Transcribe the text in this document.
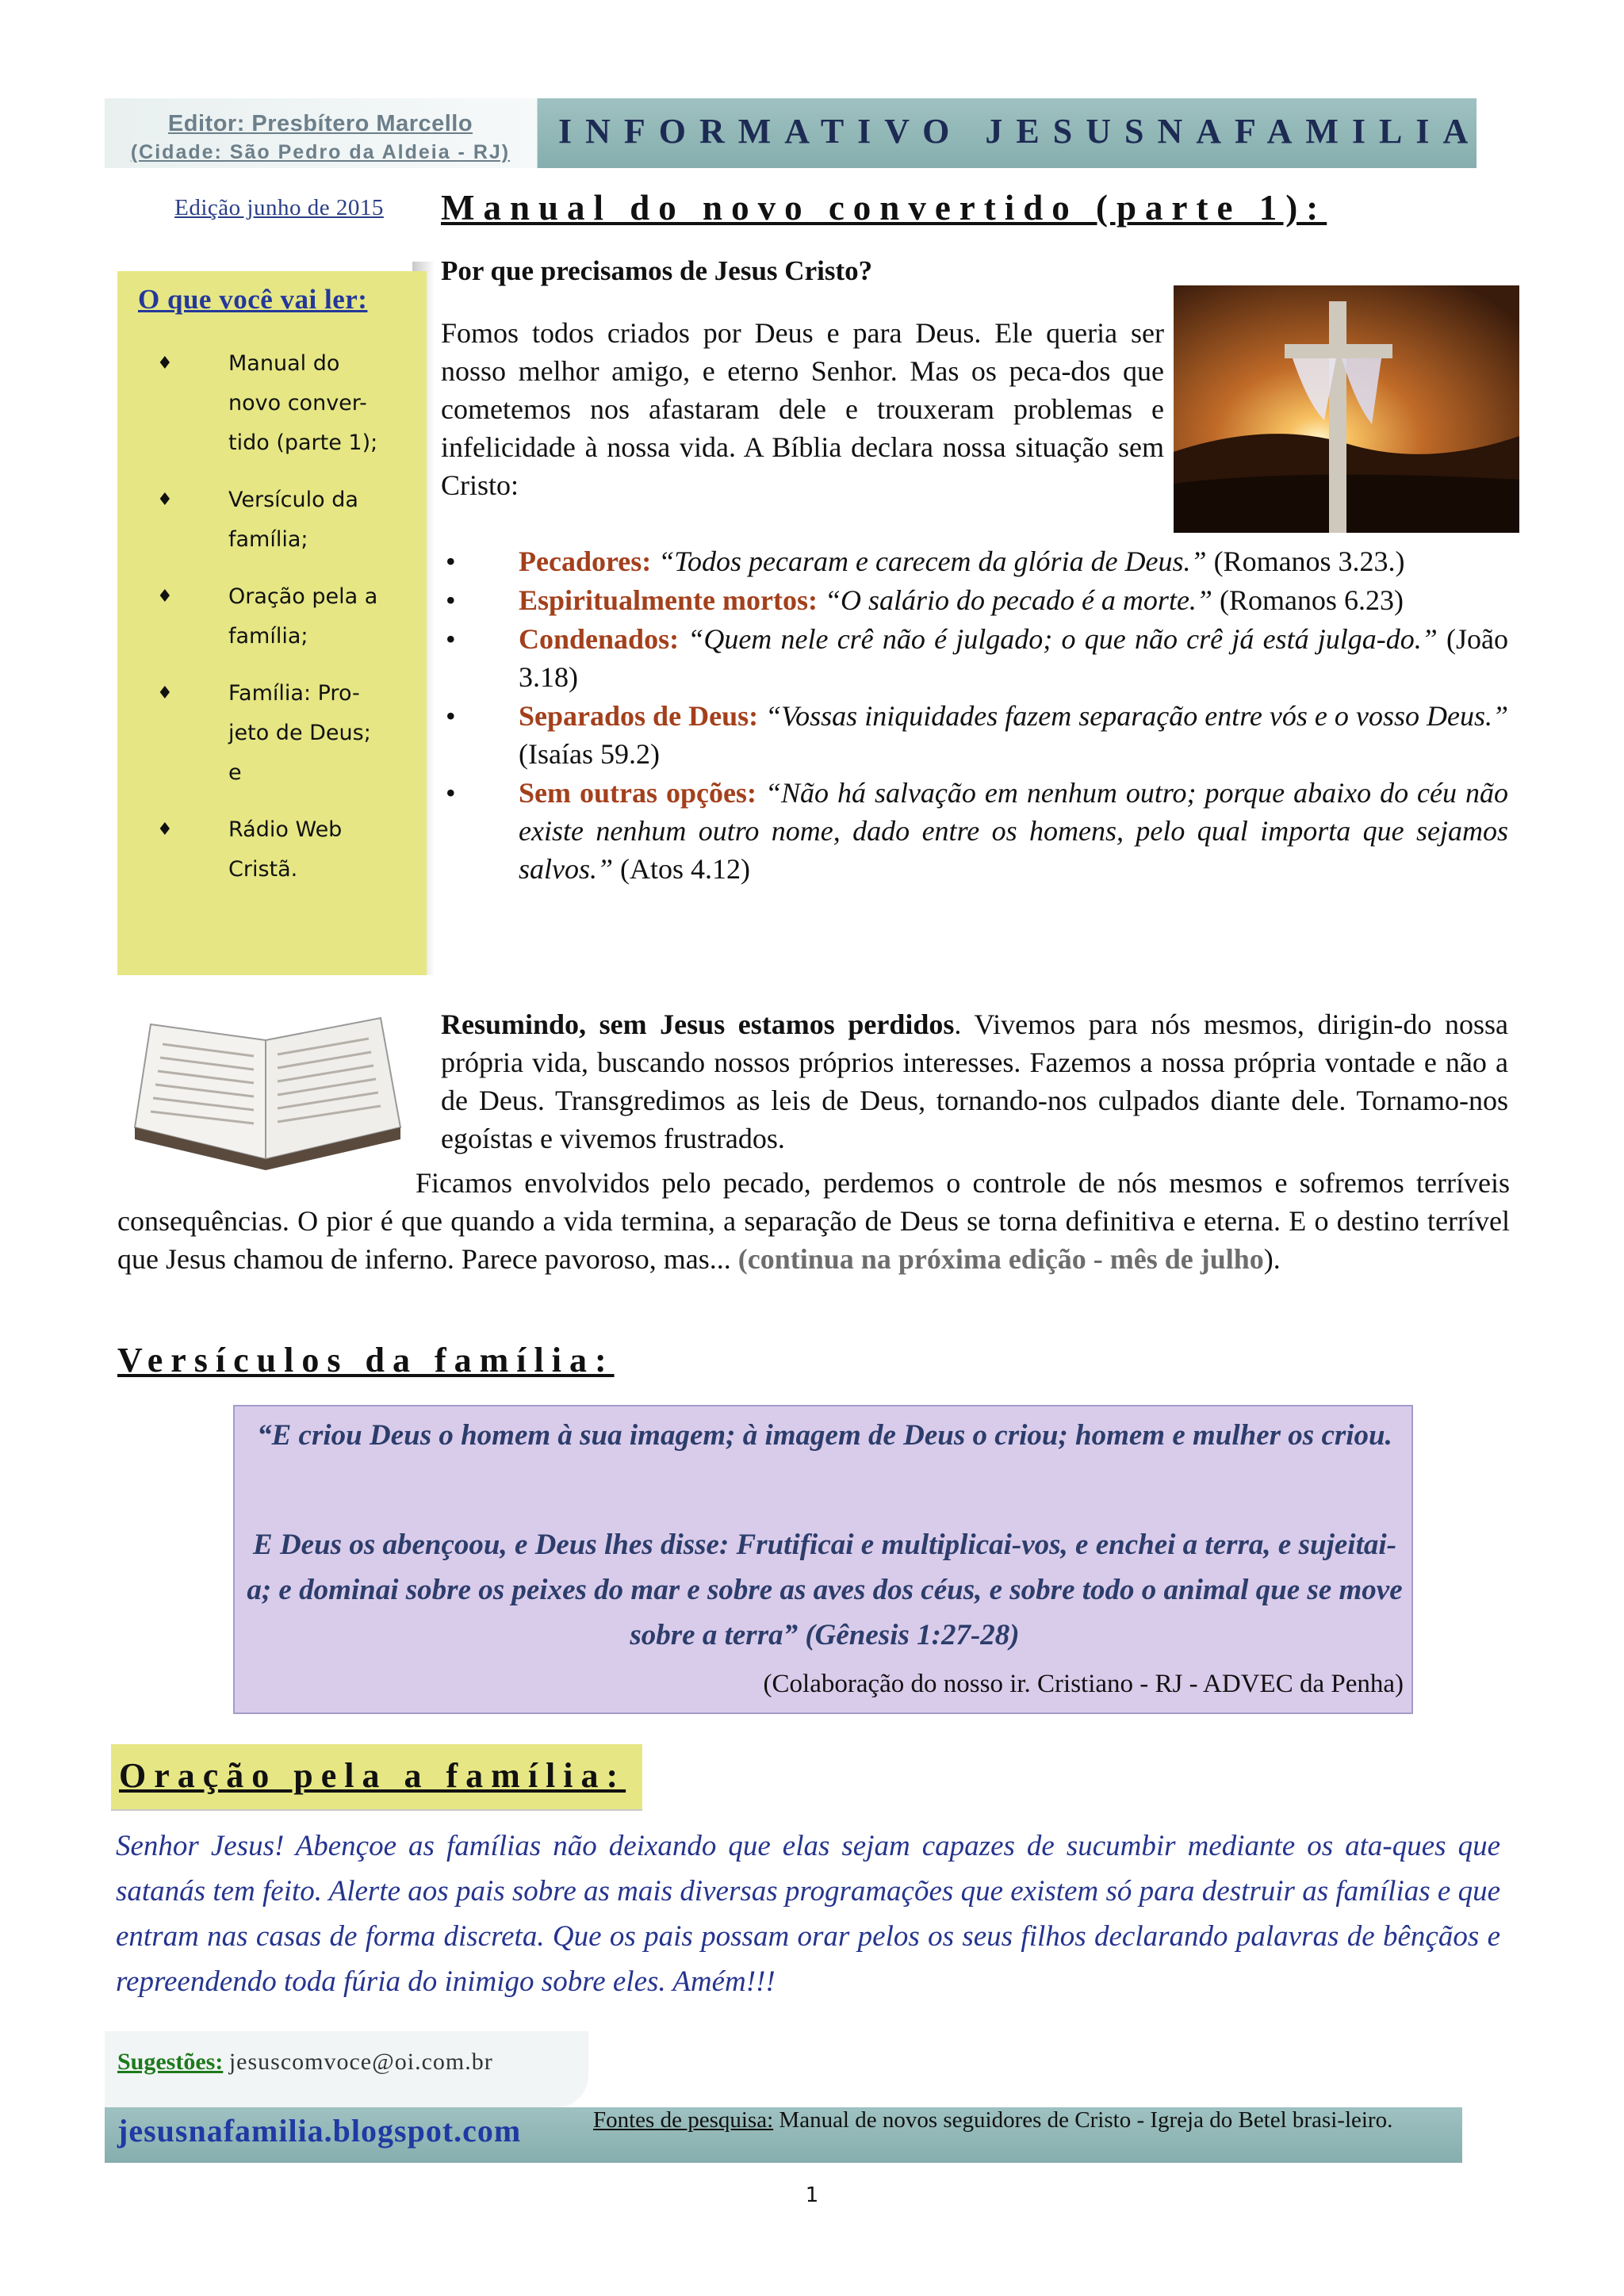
Editor: Presbítero Marcello
(Cidade: São Pedro da Aldeia - RJ)
INFORMATIVO JESUSNAFAMILIA
Edição junho de 2015
O que você vai ler:
♦	Manual do
novo conver-
tido (parte 1);
♦	Versículo da
família;
♦	Oração pela a
família;
♦	Família: Pro-
jeto de Deus;
e
♦	Rádio Web
Cristã.
Manual do novo convertido (parte 1):
Por que precisamos de Jesus Cristo?
Fomos todos criados por Deus e para Deus. Ele queria ser nosso melhor amigo, e eterno Senhor. Mas os peca-dos que cometemos nos afastaram dele e trouxeram problemas e infelicidade à nossa vida. A Bíblia declara nossa situação sem Cristo:
• Pecadores: “Todos pecaram e carecem da glória de Deus.” (Romanos 3.23.)
• Espiritualmente mortos: “O salário do pecado é a morte.” (Romanos 6.23)
• Condenados: “Quem nele crê não é julgado; o que não crê já está julga-do.” (João 3.18)
• Separados de Deus: “Vossas iniquidades fazem separação entre vós e o vosso Deus.” (Isaías 59.2)
• Sem outras opções: “Não há salvação em nenhum outro; porque abaixo do céu não existe nenhum outro nome, dado entre os homens, pelo qual importa que sejamos salvos.” (Atos 4.12)
Resumindo, sem Jesus estamos perdidos. Vivemos para nós mesmos, dirigin-do nossa própria vida, buscando nossos próprios interesses. Fazemos a nossa própria vontade e não a de Deus. Transgredimos as leis de Deus, tornando-nos culpados diante dele. Tornamo-nos egoístas e vivemos frustrados.
Ficamos envolvidos pelo pecado, perdemos o controle de nós mesmos e sofremos terríveis consequências. O pior é que quando a vida termina, a separação de Deus se torna definitiva e eterna. E o destino terrível que Jesus chamou de inferno. Parece pavoroso, mas... (continua na próxima edição - mês de julho).
Versículos da família:
“E criou Deus o homem à sua imagem; à imagem de Deus o criou; homem e mulher os criou.
E Deus os abençoou, e Deus lhes disse: Frutificai e multiplicai-vos, e enchei a terra, e sujeitai-a; e dominai sobre os peixes do mar e sobre as aves dos céus, e sobre todo o animal que se move sobre a terra” (Gênesis 1:27-28)
(Colaboração do nosso ir. Cristiano - RJ - ADVEC da Penha)
Oração pela a família:
Senhor Jesus! Abençoe as famílias não deixando que elas sejam capazes de sucumbir mediante os ata-ques que satanás tem feito. Alerte aos pais sobre as mais diversas programações que existem só para destruir as famílias e que entram nas casas de forma discreta. Que os pais possam orar pelos os seus filhos declarando palavras de bênçãos e repreendendo toda fúria do inimigo sobre eles. Amém!!!
Sugestões: jesuscomvoce@oi.com.br
jesusnafamilia.blogspot.com	Fontes de pesquisa: Manual de novos seguidores de Cristo - Igreja do Betel brasi-leiro.
1
